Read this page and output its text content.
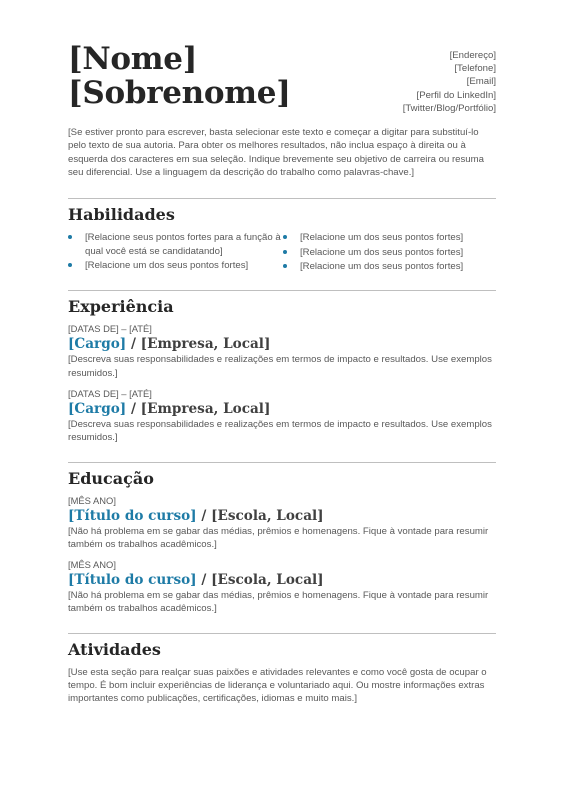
[Nome]
[Sobrenome]
[Endereço]
[Telefone]
[Email]
[Perfil do LinkedIn]
[Twitter/Blog/Portfólio]

[Se estiver pronto para escrever, basta selecionar este texto e começar a digitar para substituí-lo pelo texto de sua autoria. Para obter os melhores resultados, não inclua espaço à direita ou à esquerda dos caracteres em sua seleção. Indique brevemente seu objetivo de carreira ou resuma seu diferencial. Use a linguagem da descrição do trabalho como palavras-chave.]

Habilidades
[Relacione seus pontos fortes para a função à qual você está se candidatando]
[Relacione um dos seus pontos fortes]
[Relacione um dos seus pontos fortes]
[Relacione um dos seus pontos fortes]
[Relacione um dos seus pontos fortes]
Experiência
[DATAS DE] – [ATÉ]
[Cargo] / [Empresa, Local]
[Descreva suas responsabilidades e realizações em termos de impacto e resultados. Use exemplos resumidos.]
[DATAS DE] – [ATÉ]
[Cargo] / [Empresa, Local]
[Descreva suas responsabilidades e realizações em termos de impacto e resultados. Use exemplos resumidos.]
Educação
[MÊS ANO]
[Título do curso] / [Escola, Local]
[Não há problema em se gabar das médias, prêmios e homenagens. Fique à vontade para resumir também os trabalhos acadêmicos.]
[MÊS ANO]
[Título do curso] / [Escola, Local]
[Não há problema em se gabar das médias, prêmios e homenagens. Fique à vontade para resumir também os trabalhos acadêmicos.]
Atividades
[Use esta seção para realçar suas paixões e atividades relevantes e como você gosta de ocupar o tempo. É bom incluir experiências de liderança e voluntariado aqui. Ou mostre informações extras importantes como publicações, certificações, idiomas e muito mais.]
